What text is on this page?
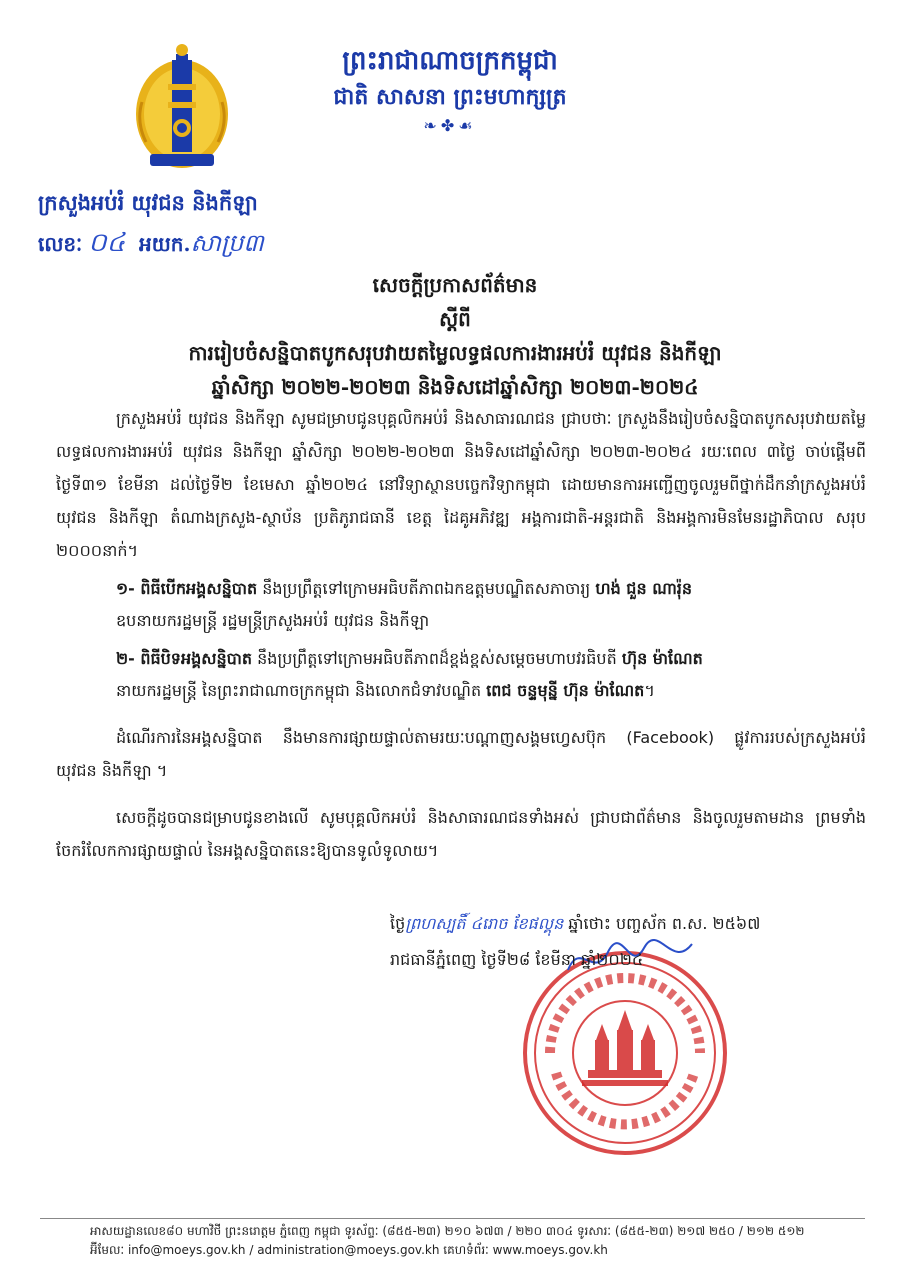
ព្រះរាជាណាចក្រកម្ពុជា
ជាតិ សាសនា ព្រះមហាក្សត្រ
❧✤☙
ក្រសួងអប់រំ យុវជន និងកីឡា
លេខៈ ០៤ អយក.សាប្រ៣
សេចក្តីប្រកាសព័ត៌មាន
ស្តីពី
ការរៀបចំសន្និបាតបូកសរុបវាយតម្លៃលទ្ធផលការងារអប់រំ យុវជន និងកីឡា
ឆ្នាំសិក្សា ២០២២-២០២៣ និងទិសដៅឆ្នាំសិក្សា ២០២៣-២០២៤

ក្រសួងអប់រំ យុវជន និងកីឡា សូមជម្រាបជូនបុគ្គលិកអប់រំ និងសាធារណជន ជ្រាបថាៈ ក្រសួងនឹងរៀបចំសន្និបាតបូកសរុបវាយតម្លៃលទ្ធផលការងារអប់រំ យុវជន និងកីឡា ឆ្នាំសិក្សា ២០២២-២០២៣ និងទិសដៅឆ្នាំសិក្សា ២០២៣-២០២៤ រយៈពេល ៣ថ្ងៃ ចាប់ផ្តើមពីថ្ងៃទី៣១ ខែមីនា ដល់ថ្ងៃទី២ ខែមេសា ឆ្នាំ២០២៤ នៅវិទ្យាស្ថានបច្ចេកវិទ្យាកម្ពុជា ដោយមានការអញ្ជើញចូលរួមពីថ្នាក់ដឹកនាំក្រសួងអប់រំ យុវជន និងកីឡា តំណាងក្រសួង-ស្ថាប័ន ប្រតិភូរាជធានី ខេត្ត ដៃគូអភិវឌ្ឍ អង្គការជាតិ-អន្តរជាតិ និងអង្គការមិនមែនរដ្ឋាភិបាល សរុប ២០០០នាក់។

១- ពិធីបើកអង្គសន្និបាត នឹងប្រព្រឹត្តទៅក្រោមអធិបតីភាពឯកឧត្តមបណ្ឌិតសភាចារ្យ ហង់ ជួន ណារ៉ុន
ឧបនាយករដ្ឋមន្ត្រី រដ្ឋមន្ត្រីក្រសួងអប់រំ យុវជន និងកីឡា
២- ពិធីបិទអង្គសន្និបាត នឹងប្រព្រឹត្តទៅក្រោមអធិបតីភាពដ៏ខ្ពង់ខ្ពស់សម្តេចមហាបវរធិបតី ហ៊ុន ម៉ាណែត
នាយករដ្ឋមន្ត្រី នៃព្រះរាជាណាចក្រកម្ពុជា និងលោកជំទាវបណ្ឌិត ពេជ ចន្ទមុន្នី ហ៊ុន ម៉ាណែត។

ដំណើរការនៃអង្គសន្និបាត នឹងមានការផ្សាយផ្ទាល់តាមរយៈបណ្តាញសង្គមហ្វេសប៊ុក (Facebook) ផ្លូវការរបស់ក្រសួងអប់រំ យុវជន និងកីឡា ។

សេចក្តីដូចបានជម្រាបជូនខាងលើ សូមបុគ្គលិកអប់រំ និងសាធារណជនទាំងអស់ ជ្រាបជាព័ត៌មាន និងចូលរួមតាមដាន ព្រមទាំងចែករំលែកការផ្សាយផ្ទាល់ នៃអង្គសន្និបាតនេះឱ្យបានទូលំទូលាយ។

ថ្ងៃព្រហស្បតិ៍ ៤រោច ខែផល្គុន ឆ្នាំថោះ បញ្ចស័ក ព.ស. ២៥៦៧
រាជធានីភ្នំពេញ ថ្ងៃទី២៨ ខែមីនា ឆ្នាំ២០២៤
អាសយដ្ឋានលេខ៨០ មហាវិថី ព្រះនរោត្តម ភ្នំពេញ កម្ពុជា ទូរស័ព្ទៈ (៨៥៥-២៣) ២១០ ៦៧៣ / ២២០ ៣០៤ ទូរសារៈ (៨៥៥-២៣) ២១៧ ២៥០ / ២១២ ៥១២
អ៊ីមែលៈ info@moeys.gov.kh / administration@moeys.gov.kh គេហទំព័រៈ www.moeys.gov.kh
